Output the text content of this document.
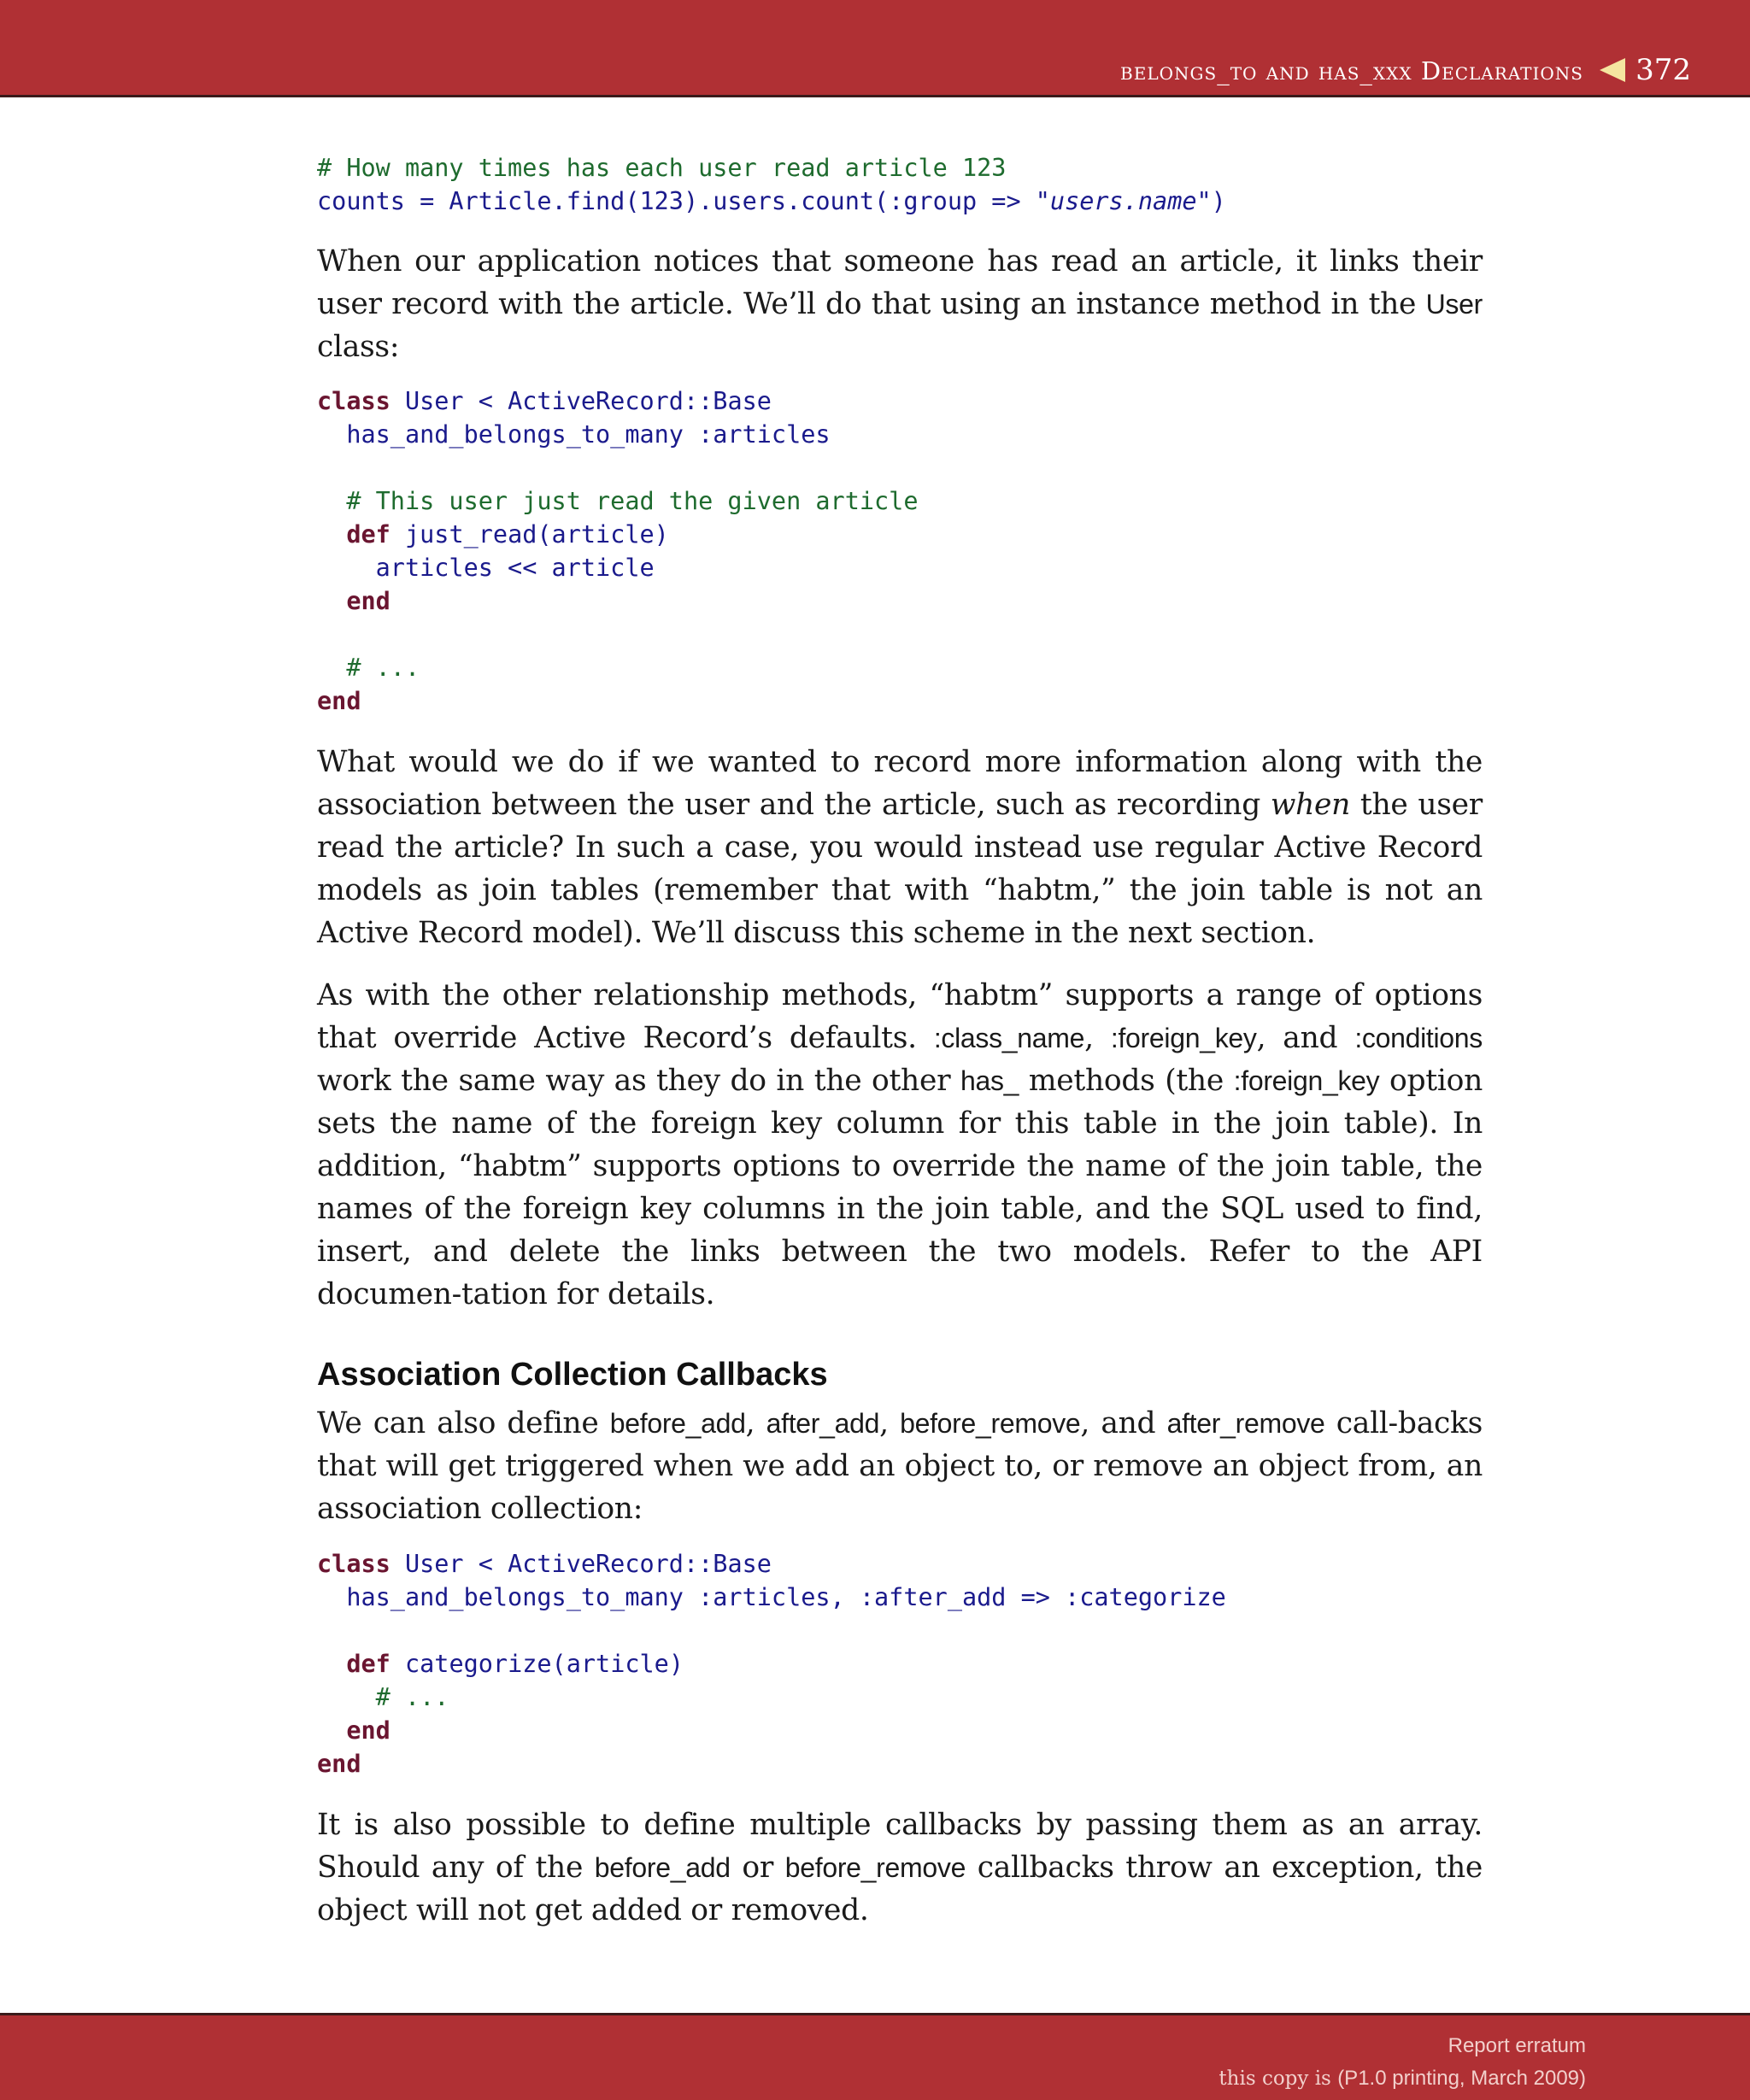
belongs_to and has_xxx Declarations 372
# How many times has each user read article 123
counts = Article.find(123).users.count(:group => "users.name")

When our application notices that someone has read an article, it links their user record with the article. We’ll do that using an instance method in the User class:

class User < ActiveRecord::Base
has_and_belongs_to_many :articles

# This user just read the given article
def just_read(article)
articles << article
end

# ...
end

What would we do if we wanted to record more information along with the association between the user and the article, such as recording when the user read the article? In such a case, you would instead use regular Active Record models as join tables (remember that with “habtm,” the join table is not an Active Record model). We’ll discuss this scheme in the next section.

As with the other relationship methods, “habtm” supports a range of options that override Active Record’s defaults. :class_name, :foreign_key, and :conditions work the same way as they do in the other has_ methods (the :foreign_key option sets the name of the foreign key column for this table in the join table). In addition, “habtm” supports options to override the name of the join table, the names of the foreign key columns in the join table, and the SQL used to find, insert, and delete the links between the two models. Refer to the API documen-tation for details.

Association Collection Callbacks

We can also define before_add, after_add, before_remove, and after_remove call-backs that will get triggered when we add an object to, or remove an object from, an association collection:

class User < ActiveRecord::Base
has_and_belongs_to_many :articles, :after_add => :categorize

def categorize(article)
# ...
end
end

It is also possible to define multiple callbacks by passing them as an array. Should any of the before_add or before_remove callbacks throw an exception, the object will not get added or removed.

Report erratum
this copy is (P1.0 printing, March 2009)
